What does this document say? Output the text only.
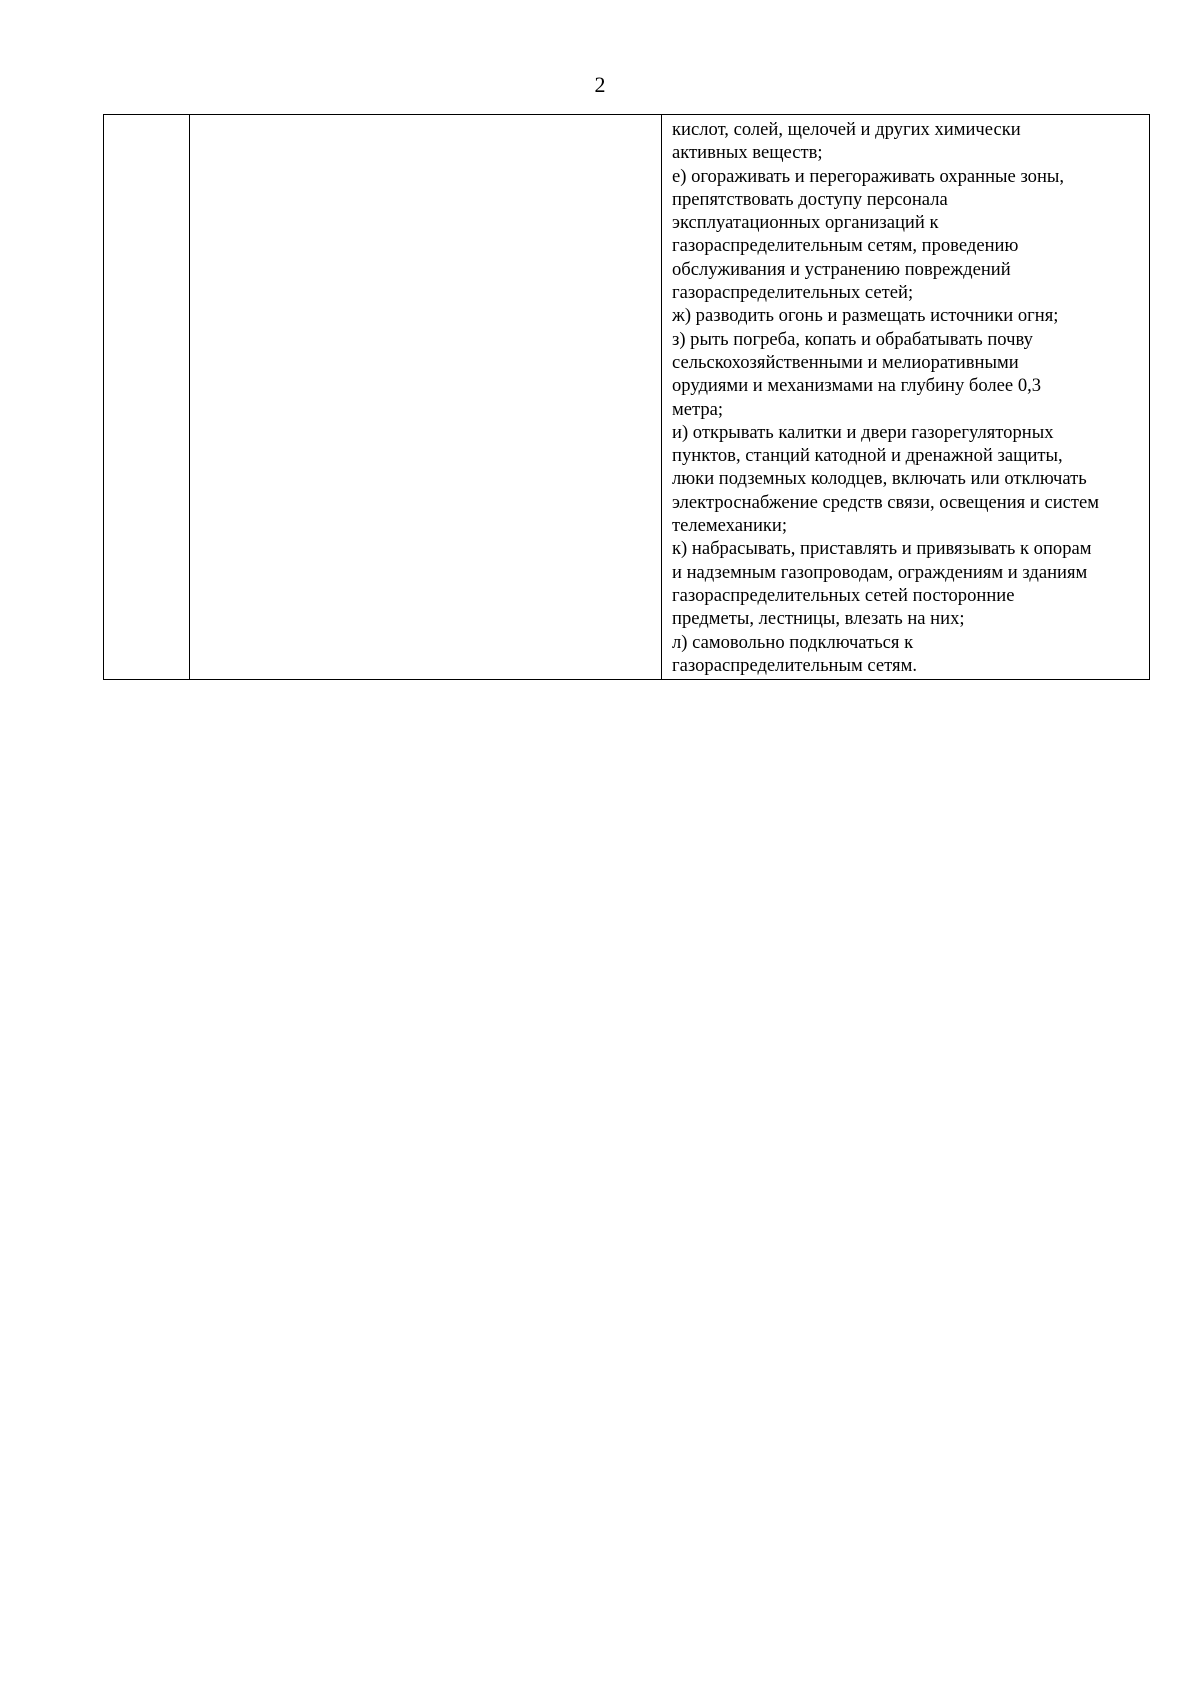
2

кислот, солей, щелочей и других химически
активных веществ;
е) огораживать и перегораживать охранные зоны,
препятствовать доступу персонала
эксплуатационных организаций к
газораспределительным сетям, проведению
обслуживания и устранению повреждений
газораспределительных сетей;
ж) разводить огонь и размещать источники огня;
з) рыть погреба, копать и обрабатывать почву
сельскохозяйственными и мелиоративными
орудиями и механизмами на глубину более 0,3
метра;
и) открывать калитки и двери газорегуляторных
пунктов, станций катодной и дренажной защиты,
люки подземных колодцев, включать или отключать
электроснабжение средств связи, освещения и систем
телемеханики;
к) набрасывать, приставлять и привязывать к опорам
и надземным газопроводам, ограждениям и зданиям
газораспределительных сетей посторонние
предметы, лестницы, влезать на них;
л) самовольно подключаться к
газораспределительным сетям.
